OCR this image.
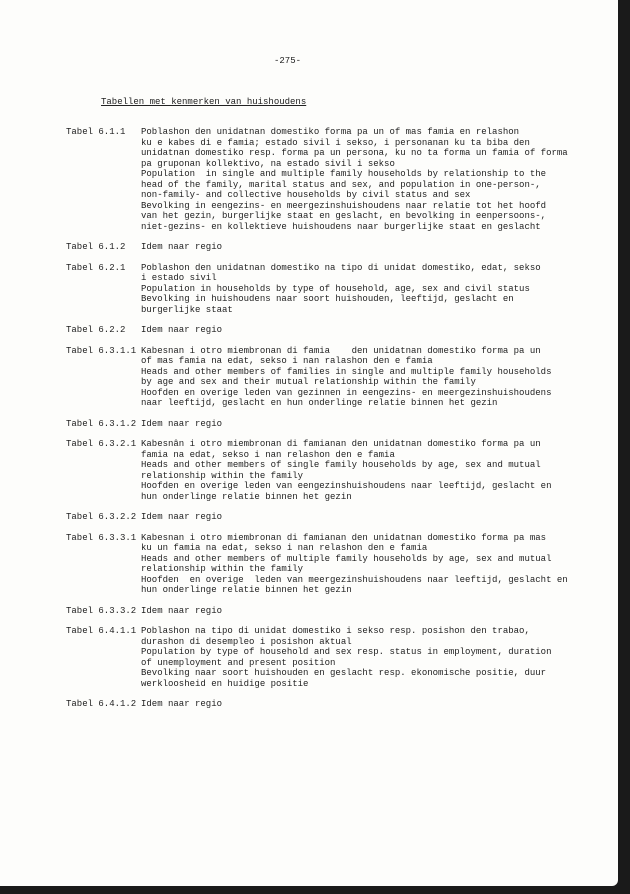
-275-
Tabellen met kenmerken van huishoudens
Tabel 6.1.1	Poblashon den unidatnan domestiko forma pa un of mas famia en relashon
ku e kabes di e famia; estado sivil i sekso, i personanan ku ta biba den
unidatnan domestiko resp. forma pa un persona, ku no ta forma un famia of forma
pa gruponan kollektivo, na estado sivil i sekso
Population  in single and multiple family households by relationship to the
head of the family, marital status and sex, and population in one-person-,
non-family- and collective households by civil status and sex
Bevolking in eengezins- en meergezinshuishoudens naar relatie tot het hoofd
van het gezin, burgerlijke staat en geslacht, en bevolking in eenpersoons-,
niet-gezins- en kollektieve huishoudens naar burgerlijke staat en geslacht
Tabel 6.1.2	Idem naar regio
Tabel 6.2.1	Poblashon den unidatnan domestiko na tipo di unidat domestiko, edat, sekso
i estado sivil
Population in households by type of household, age, sex and civil status
Bevolking in huishoudens naar soort huishouden, leeftijd, geslacht en
burgerlijke staat
Tabel 6.2.2	Idem naar regio
Tabel 6.3.1.1 Kabesnan i otro miembronan di famia    den unidatnan domestiko forma pa un
of mas famia na edat, sekso i nan ralashon den e famia
Heads and other members of families in single and multiple family households
by age and sex and their mutual relationship within the family
Hoofden en overige leden van gezinnen in eengezins- en meergezinshuishoudens
naar leeftijd, geslacht en hun onderlinge relatie binnen het gezin
Tabel 6.3.1.2 Idem naar regio
Tabel 6.3.2.1 Kabesnân i otro miembronan di famianan den unidatnan domestiko forma pa un
famia na edat, sekso i nan relashon den e famia
Heads and other members of single family households by age, sex and mutual
relationship within the family
Hoofden en overige leden van eengezinshuishoudens naar leeftijd, geslacht en
hun onderlinge relatie binnen het gezin
Tabel 6.3.2.2 Idem naar regio
Tabel 6.3.3.1 Kabesnan i otro miembronan di famianan den unidatnan domestiko forma pa mas
ku un famia na edat, sekso i nan relashon den e famia
Heads and other members of multiple family households by age, sex and mutual
relationship within the family
Hoofden  en overige  leden van meergezinshuishoudens naar leeftijd, geslacht en
hun onderlinge relatie binnen het gezin
Tabel 6.3.3.2 Idem naar regio
Tabel 6.4.1.1 Poblashon na tipo di unidat domestiko i sekso resp. posishon den trabao,
durashon di desempleo i posishon aktual
Population by type of household and sex resp. status in employment, duration
of unemployment and present position
Bevolking naar soort huishouden en geslacht resp. ekonomische positie, duur
werkloosheid en huidige positie
Tabel 6.4.1.2 Idem naar regio
